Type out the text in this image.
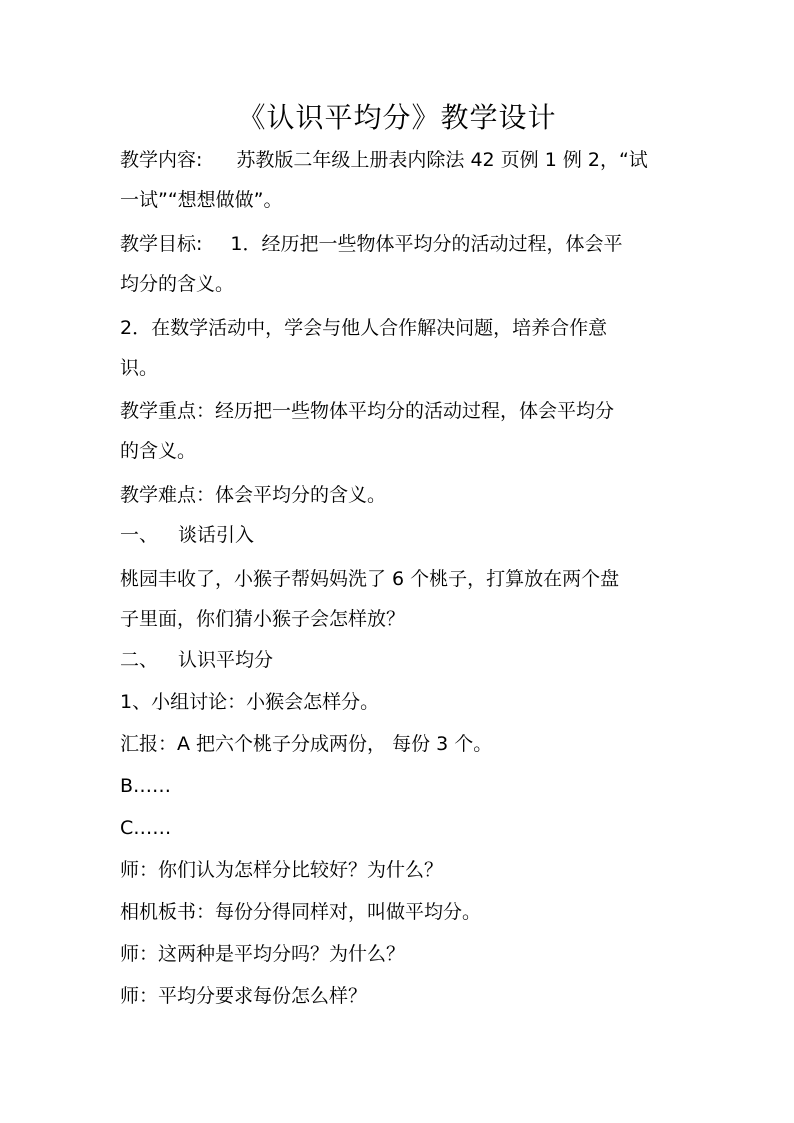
《认识平均分》教学设计
教学内容: 苏教版二年级上册表内除法 42 页例 1 例 2，“试
一试”“想想做做”。
教学目标: 1．经历把一些物体平均分的活动过程，体会平
均分的含义。
2．在数学活动中，学会与他人合作解决问题，培养合作意
识。
教学重点：经历把一些物体平均分的活动过程，体会平均分
的含义。
教学难点：体会平均分的含义。
一、 谈话引入
桃园丰收了，小猴子帮妈妈洗了 6 个桃子，打算放在两个盘
子里面，你们猜小猴子会怎样放？
二、 认识平均分
1、小组讨论：小猴会怎样分。
汇报：A 把六个桃子分成两份， 每份 3 个。
B……
C……
师：你们认为怎样分比较好？为什么？
相机板书：每份分得同样对，叫做平均分。
师：这两种是平均分吗？为什么？
师：平均分要求每份怎么样？
